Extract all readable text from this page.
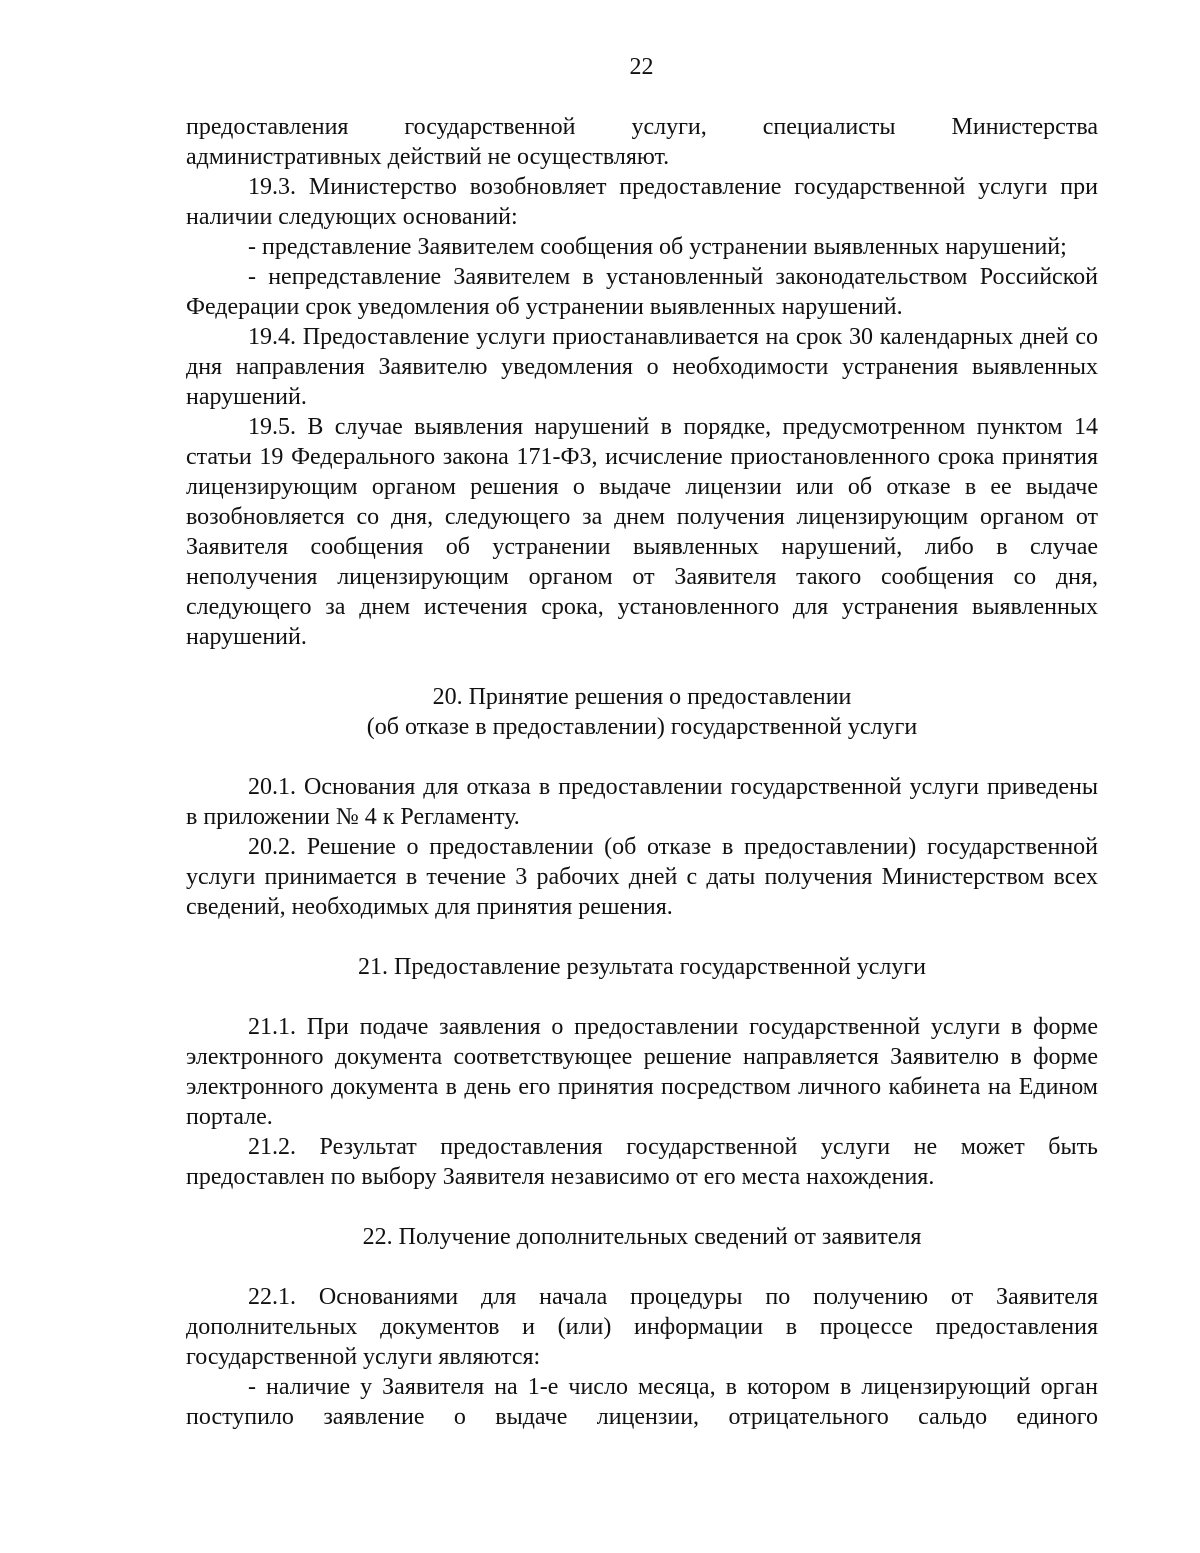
22

предоставления государственной услуги, специалисты Министерства административных действий не осуществляют.

19.3. Министерство возобновляет предоставление государственной услуги при наличии следующих оснований:

- представление Заявителем сообщения об устранении выявленных нарушений;

- непредставление Заявителем в установленный законодательством Российской Федерации срок уведомления об устранении выявленных нарушений.

19.4. Предоставление услуги приостанавливается на срок 30 календарных дней со дня направления Заявителю уведомления о необходимости устранения выявленных нарушений.

19.5. В случае выявления нарушений в порядке, предусмотренном пунктом 14 статьи 19 Федерального закона 171-ФЗ, исчисление приостановленного срока принятия лицензирующим органом решения о выдаче лицензии или об отказе в ее выдаче возобновляется со дня, следующего за днем получения лицензирующим органом от Заявителя сообщения об устранении выявленных нарушений, либо в случае неполучения лицензирующим органом от Заявителя такого сообщения со дня, следующего за днем истечения срока, установленного для устранения выявленных нарушений.

20. Принятие решения о предоставлении

(об отказе в предоставлении) государственной услуги

20.1. Основания для отказа в предоставлении государственной услуги приведены в приложении № 4 к Регламенту.

20.2. Решение о предоставлении (об отказе в предоставлении) государственной услуги принимается в течение 3 рабочих дней с даты получения Министерством всех сведений, необходимых для принятия решения.

21. Предоставление результата государственной услуги

21.1. При подаче заявления о предоставлении государственной услуги в форме электронного документа соответствующее решение направляется Заявителю в форме электронного документа в день его принятия посредством личного кабинета на Едином портале.

21.2. Результат предоставления государственной услуги не может быть предоставлен по выбору Заявителя независимо от его места нахождения.

22. Получение дополнительных сведений от заявителя

22.1. Основаниями для начала процедуры по получению от Заявителя дополнительных документов и (или) информации в процессе предоставления государственной услуги являются:

- наличие у Заявителя на 1-е число месяца, в котором в лицензирующий орган поступило заявление о выдаче лицензии, отрицательного сальдо единого
